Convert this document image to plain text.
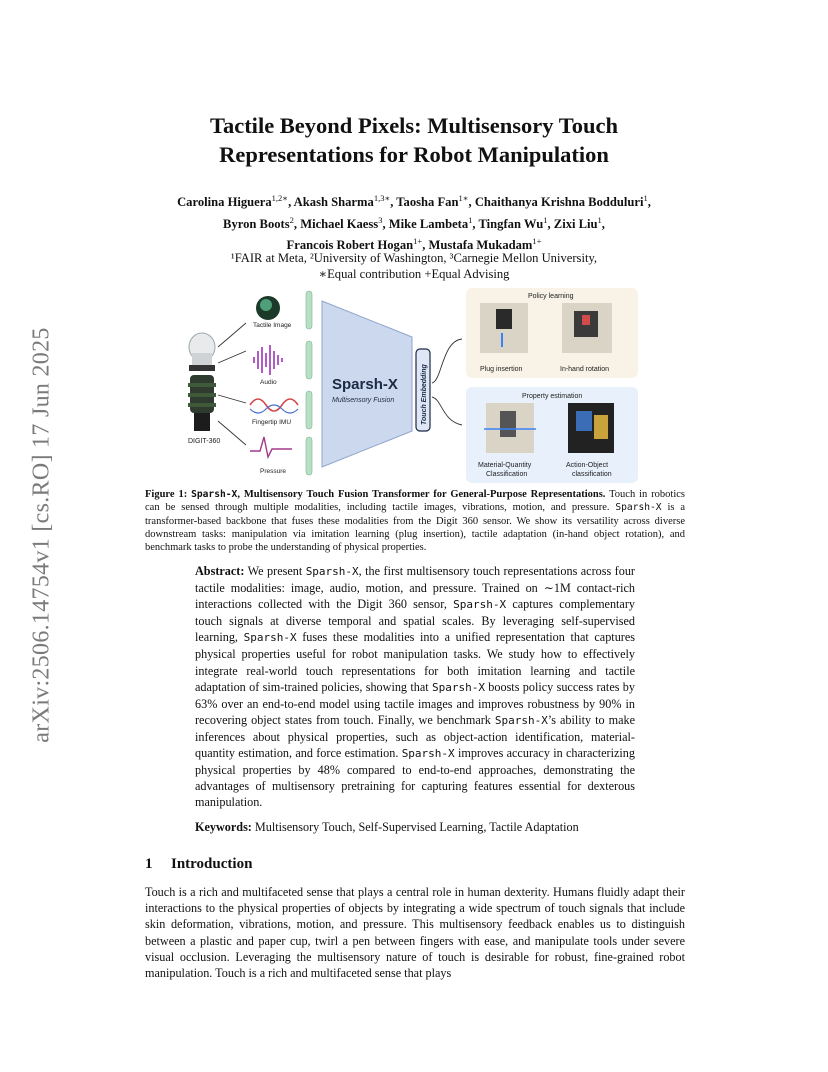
arXiv:2506.14754v1 [cs.RO] 17 Jun 2025
Tactile Beyond Pixels: Multisensory Touch
Representations for Robot Manipulation
Carolina Higuera$^{1,2∗}$, Akash Sharma$^{1,3∗}$, Taosha Fan$^{1∗}$, Chaithanya Krishna Bodduluri$^1$,
Byron Boots$^2$, Michael Kaess$^3$, Mike Lambeta$^1$, Tingfan Wu$^1$, Zixi Liu$^1$,
Francois Robert Hogan$^{1+}$, Mustafa Mukadam$^{1+}$
¹FAIR at Meta, ²University of Washington, ³Carnegie Mellon University,
∗Equal contribution +Equal Advising
DIGIT-360
Tactile Image
Audio
Fingertip IMU
Pressure
Sparsh-X
Multisensory Fusion	Touch Embedding
Policy learning
Plug insertion	In-hand rotation
Property estimation
Material-Quantity
Classification
Action-Object
classification
Figure 1: Sparsh-X, Multisensory Touch Fusion Transformer for General-Purpose Representations. Touch in robotics can be sensed through multiple modalities, including tactile images, vibrations, motion, and pressure. Sparsh-X is a transformer-based backbone that fuses these modalities from the Digit 360 sensor. We show its versatility across diverse downstream tasks: manipulation via imitation learning (plug insertion), tactile adaptation (in-hand object rotation), and benchmark tasks to probe the understanding of physical properties.
Abstract: We present Sparsh-X, the first multisensory touch representations across four tactile modalities: image, audio, motion, and pressure. Trained on ∼1M contact-rich interactions collected with the Digit 360 sensor, Sparsh-X captures complementary touch signals at diverse temporal and spatial scales. By leveraging self-supervised learning, Sparsh-X fuses these modalities into a unified representation that captures physical properties useful for robot manipulation tasks. We study how to effectively integrate real-world touch representations for both imitation learning and tactile adaptation of sim-trained policies, showing that Sparsh-X boosts policy success rates by 63% over an end-to-end model using tactile images and improves robustness by 90% in recovering object states from touch. Finally, we benchmark Sparsh-X’s ability to make inferences about physical properties, such as object-action identification, material-quantity estimation, and force estimation. Sparsh-X improves accuracy in characterizing physical properties by 48% compared to end-to-end approaches, demonstrating the advantages of multisensory pretraining for capturing features essential for dexterous manipulation.
Keywords: Multisensory Touch, Self-Supervised Learning, Tactile Adaptation
1 Introduction
Touch is a rich and multifaceted sense that plays a central role in human dexterity. Humans fluidly adapt their interactions to the physical properties of objects by integrating a wide spectrum of touch signals that include skin deformation, vibrations, motion, and pressure. This multisensory feedback enables us to distinguish between a plastic and paper cup, twirl a pen between fingers with ease, and manipulate tools under severe visual occlusion. Leveraging the multisensory nature of touch is desirable for robust, fine-grained robot manipulation. Touch is a rich and multifaceted sense that plays
